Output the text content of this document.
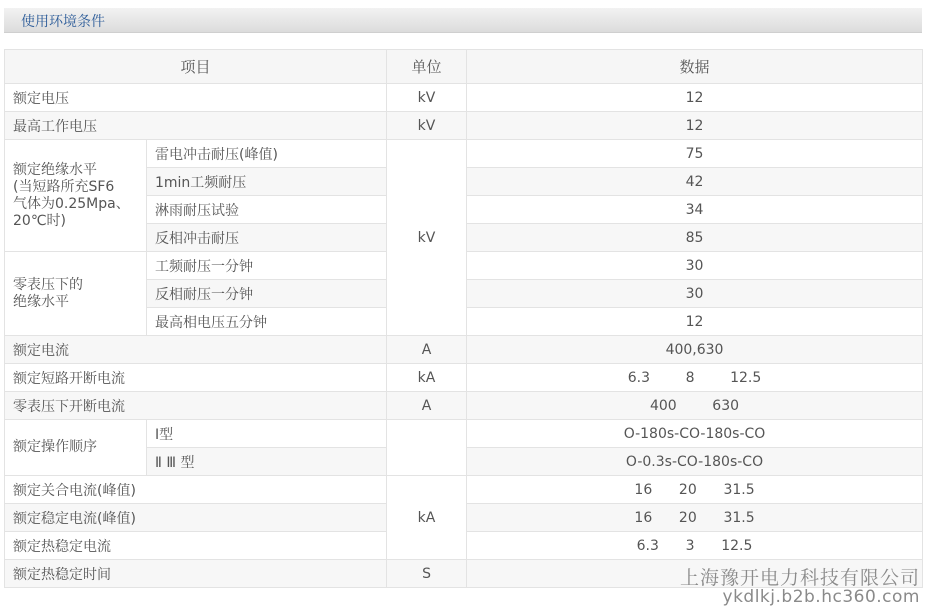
使用环境条件
项目		单位	数据
额定电压		kV	12
最高工作电压		kV	12
额定绝缘水平
(当短路所充SF6
气体为0.25Mpa、
20℃时)	雷电冲击耐压(峰值)	kV	75
	1min工频耐压		42
	淋雨耐压试验		34
	反相冲击耐压		85
零表压下的
绝缘水平	工频耐压一分钟		30
	反相耐压一分钟		30
	最高相电压五分钟		12
额定电流		A	400,630
额定短路开断电流		kA	6.3        8        12.5
零表压下开断电流		A	400        630
额定操作顺序	Ⅰ型		O-180s-CO-180s-CO
	Ⅱ Ⅲ 型		O-0.3s-CO-180s-CO
额定关合电流(峰值)		kA	16      20      31.5
额定稳定电流(峰值)			16      20      31.5
额定热稳定电流			6.3      3      12.5
额定热稳定时间		S		上海豫开电力科技有限公司
ykdlkj.b2b.hc360.com
